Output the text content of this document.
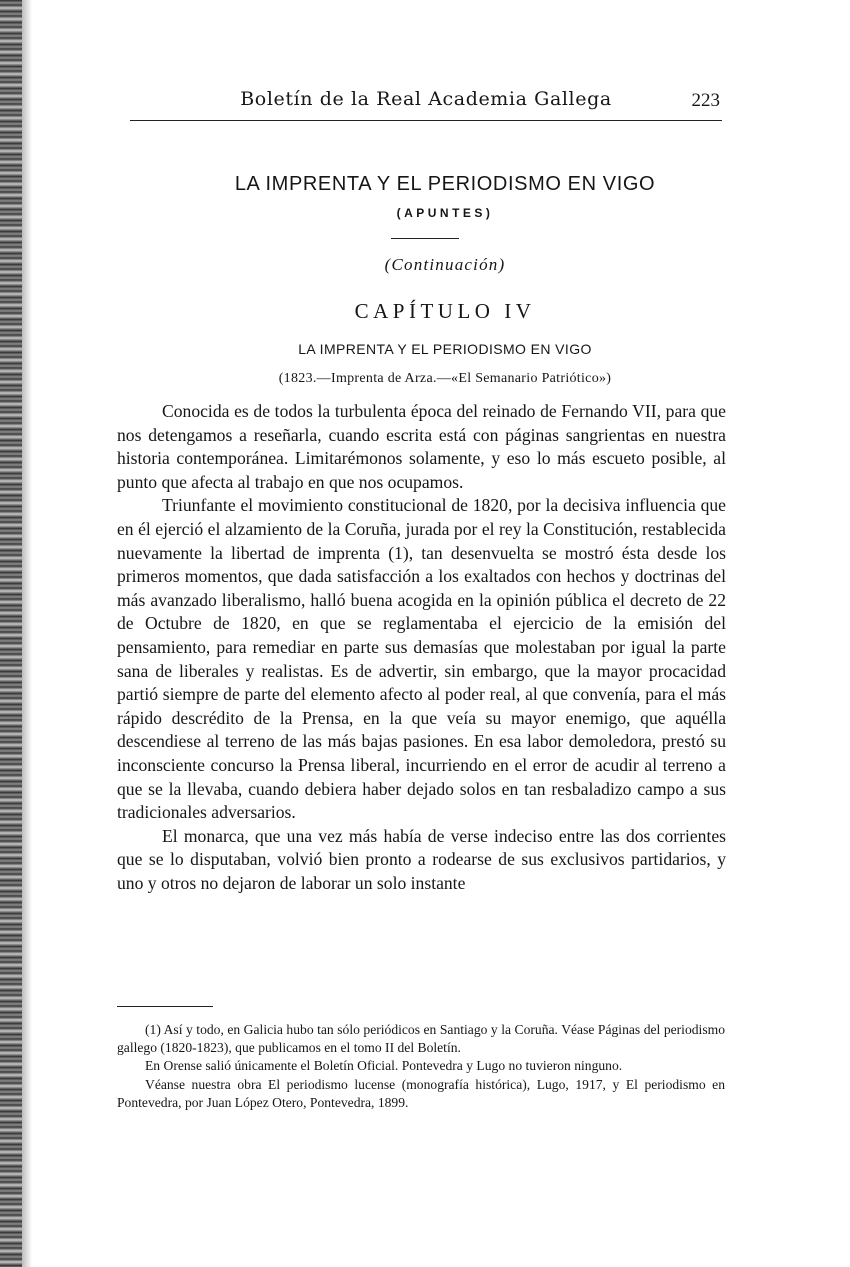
Boletín de la Real Academia Gallega	223
LA IMPRENTA Y EL PERIODISMO EN VIGO
(APUNTES)
(Continuación)
CAPÍTULO IV
LA IMPRENTA Y EL PERIODISMO EN VIGO
(1823.—Imprenta de Arza.—«El Semanario Patriótico»)

Conocida es de todos la turbulenta época del reinado de Fernando VII, para que nos detengamos a reseñarla, cuando escrita está con páginas sangrientas en nuestra historia contemporánea. Limitarémonos solamente, y eso lo más escueto posible, al punto que afecta al trabajo en que nos ocupamos.

Triunfante el movimiento constitucional de 1820, por la decisiva influencia que en él ejerció el alzamiento de la Coruña, jurada por el rey la Constitución, restablecida nuevamente la libertad de imprenta (1), tan desenvuelta se mostró ésta desde los primeros momentos, que dada satisfacción a los exaltados con hechos y doctrinas del más avanzado liberalismo, halló buena acogida en la opinión pública el decreto de 22 de Octubre de 1820, en que se reglamentaba el ejercicio de la emisión del pensamiento, para remediar en parte sus demasías que molestaban por igual la parte sana de liberales y realistas. Es de advertir, sin embargo, que la mayor procacidad partió siempre de parte del elemento afecto al poder real, al que convenía, para el más rápido descrédito de la Prensa, en la que veía su mayor enemigo, que aquélla descendiese al terreno de las más bajas pasiones. En esa labor demoledora, prestó su inconsciente concurso la Prensa liberal, incurriendo en el error de acudir al terreno a que se la llevaba, cuando debiera haber dejado solos en tan resbaladizo campo a sus tradicionales adversarios.

El monarca, que una vez más había de verse indeciso entre las dos corrientes que se lo disputaban, volvió bien pronto a rodearse de sus exclusivos partidarios, y uno y otros no dejaron de laborar un solo instante

(1) Así y todo, en Galicia hubo tan sólo periódicos en Santiago y la Coruña. Véase Páginas del periodismo gallego (1820-1823), que publicamos en el tomo II del Boletín.

En Orense salió únicamente el Boletín Oficial. Pontevedra y Lugo no tuvieron ninguno.

Véanse nuestra obra El periodismo lucense (monografía histórica), Lugo, 1917, y El periodismo en Pontevedra, por Juan López Otero, Pontevedra, 1899.
